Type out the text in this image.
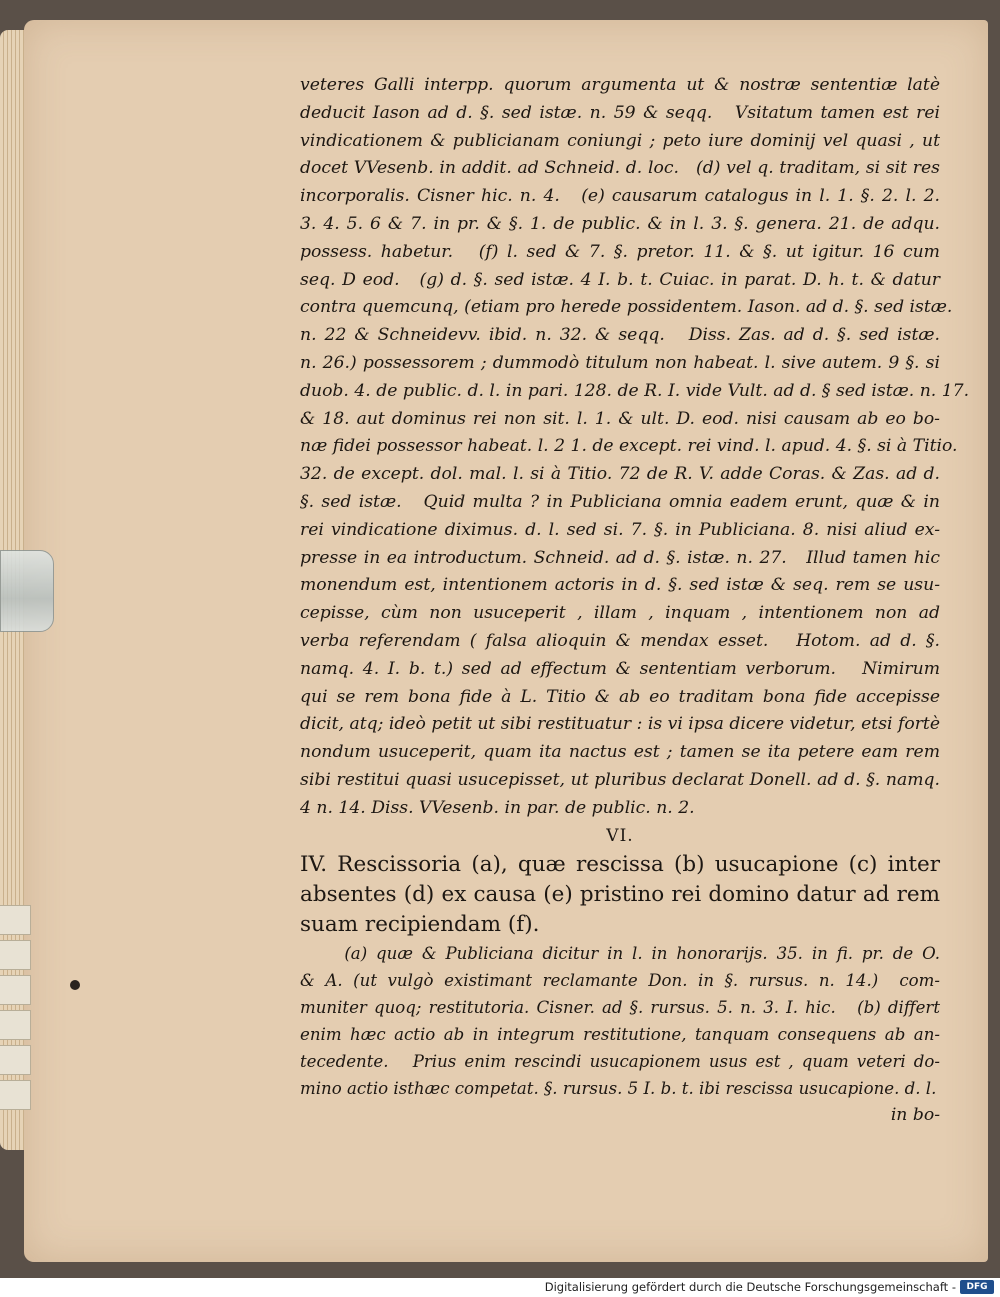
veteres Galli interpp. quorum argumenta ut & nostræ sententiæ latè
deducit Iason ad d. §. sed istæ. n. 59 & seqq.   Vsitatum tamen est rei
vindicationem & publicianam coniungi ; peto iure dominij vel quasi , ut
docet VVesenb. in addit. ad Schneid. d. loc.   (d) vel q. traditam, si sit res
incorporalis. Cisner hic. n. 4.   (e) causarum catalogus in l. 1. §. 2. l. 2.
3. 4. 5. 6 & 7. in pr. & §. 1. de public. & in l. 3. §. genera. 21. de adqu.
possess. habetur.   (f) l. sed & 7. §. pretor. 11. & §. ut igitur. 16 cum
seq. D eod.   (g) d. §. sed istæ. 4 I. b. t. Cuiac. in parat. D. h. t. & datur
contra quemcunq, (etiam pro herede possidentem. Iason. ad d. §. sed istæ.
n. 22 & Schneidevv. ibid. n. 32. & seqq.   Diss. Zas. ad d. §. sed istæ.
n. 26.) possessorem ; dummodò titulum non habeat. l. sive autem. 9 §. si
duob. 4. de public. d. l. in pari. 128. de R. I. vide Vult. ad d. § sed istæ. n. 17.
& 18. aut dominus rei non sit. l. 1. & ult. D. eod. nisi causam ab eo bo-
næ fidei possessor habeat. l. 2 1. de except. rei vind. l. apud. 4. §. si à Titio.
32. de except. dol. mal. l. si à Titio. 72 de R. V. adde Coras. & Zas. ad d.
§. sed istæ.   Quid multa ? in Publiciana omnia eadem erunt, quæ & in
rei vindicatione diximus. d. l. sed si. 7. §. in Publiciana. 8. nisi aliud ex-
presse in ea introductum. Schneid. ad d. §. istæ. n. 27.   Illud tamen hic
monendum est, intentionem actoris in d. §. sed istæ & seq. rem se usu-
cepisse, cùm non usuceperit , illam , inquam , intentionem non ad
verba referendam ( falsa alioquin & mendax esset.   Hotom. ad d. §.
namq. 4. I. b. t.) sed ad effectum & sententiam verborum.   Nimirum
qui se rem bona fide à L. Titio & ab eo traditam bona fide accepisse
dicit, atq; ideò petit ut sibi restituatur : is vi ipsa dicere videtur, etsi fortè
nondum usuceperit, quam ita nactus est ; tamen se ita petere eam rem
sibi restitui quasi usucepisset, ut pluribus declarat Donell. ad d. §. namq.
4 n. 14. Diss. VVesenb. in par. de public. n. 2.
VI.
IV. Rescissoria (a), quæ rescissa (b) usucapione (c) inter
absentes (d) ex causa (e) pristino rei domino datur ad rem
suam recipiendam (f).
(a) quæ & Publiciana dicitur in l. in honorarijs. 35. in fi. pr. de O.
& A. (ut vulgò existimant reclamante Don. in §. rursus. n. 14.)  com-
muniter quoq; restitutoria. Cisner. ad §. rursus. 5. n. 3. I. hic.   (b) differt
enim hæc actio ab in integrum restitutione, tanquam consequens ab an-
tecedente.   Prius enim rescindi usucapionem usus est , quam veteri do-
mino actio isthæc competat. §. rursus. 5 I. b. t. ibi rescissa usucapione. d. l.
in bo-
Digitalisierung gefördert durch die Deutsche Forschungsgemeinschaft -	DFG
